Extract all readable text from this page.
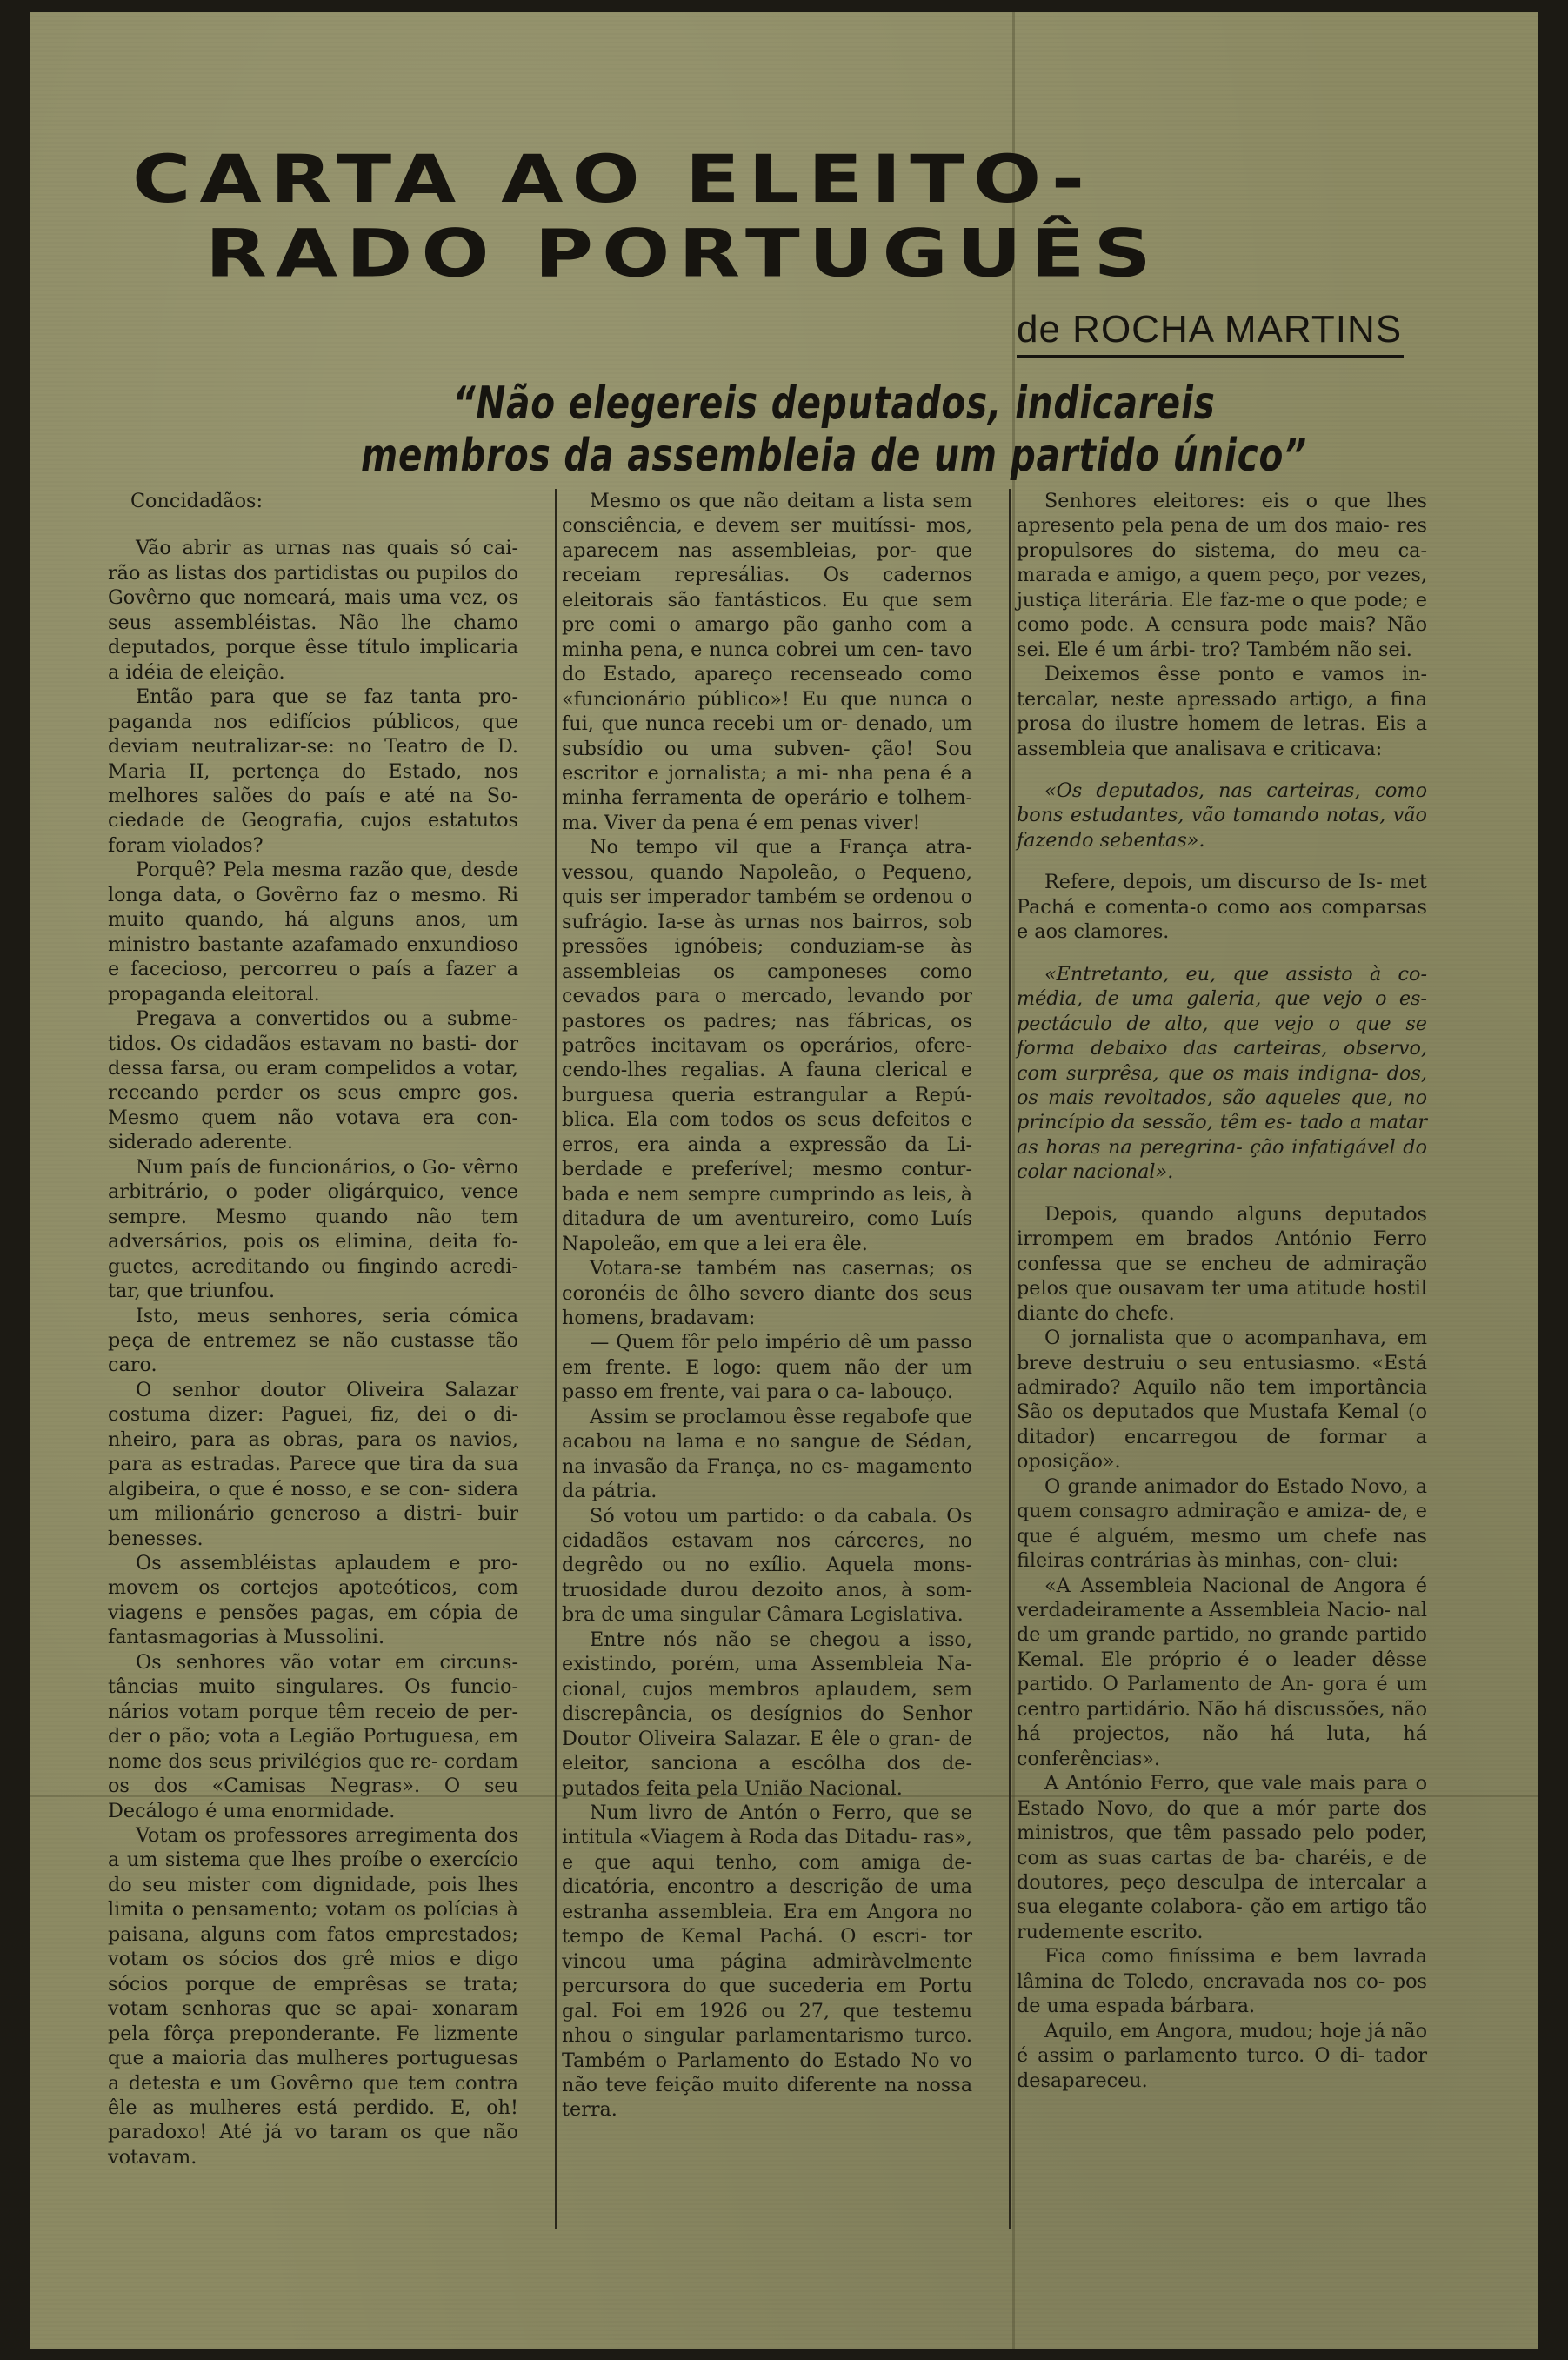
CARTA AO ELEITO-
RADO PORTUGUÊS

de ROCHA MARTINS

“Não elegereis deputados, indicareis membros da assembleia de um partido único”

Concidadãos:

Vão abrir as urnas nas quais só cai- rão as listas dos partidistas ou pupilos do Govêrno que nomeará, mais uma vez, os seus assembléistas. Não lhe chamo deputados, porque êsse título implicaria a idéia de eleição.

Então para que se faz tanta pro- paganda nos edifícios públicos, que deviam neutralizar-se: no Teatro de D. Maria II, pertença do Estado, nos melhores salões do país e até na So- ciedade de Geografia, cujos estatutos foram violados?

Porquê? Pela mesma razão que, desde longa data, o Govêrno faz o mesmo. Ri muito quando, há alguns anos, um ministro bastante azafamado enxundioso e facecioso, percorreu o país a fazer a propaganda eleitoral.

Pregava a convertidos ou a subme- tidos. Os cidadãos estavam no basti- dor dessa farsa, ou eram compelidos a votar, receando perder os seus empre gos. Mesmo quem não votava era con- siderado aderente.

Num país de funcionários, o Go- vêrno arbitrário, o poder oligárquico, vence sempre. Mesmo quando não tem adversários, pois os elimina, deita fo- guetes, acreditando ou fingindo acredi- tar, que triunfou.

Isto, meus senhores, seria cómica peça de entremez se não custasse tão caro.

O senhor doutor Oliveira Salazar costuma dizer: Paguei, fiz, dei o di- nheiro, para as obras, para os navios, para as estradas. Parece que tira da sua algibeira, o que é nosso, e se con- sidera um milionário generoso a distri- buir benesses.

Os assembléistas aplaudem e pro- movem os cortejos apoteóticos, com viagens e pensões pagas, em cópia de fantasmagorias à Mussolini.

Os senhores vão votar em circuns- tâncias muito singulares. Os funcio- nários votam porque têm receio de per- der o pão; vota a Legião Portuguesa, em nome dos seus privilégios que re- cordam os dos «Camisas Negras». O seu Decálogo é uma enormidade.

Votam os professores arregimenta dos a um sistema que lhes proíbe o exercício do seu mister com dignidade, pois lhes limita o pensamento; votam os polícias à paisana, alguns com fatos emprestados; votam os sócios dos grê mios e digo sócios porque de emprêsas se trata; votam senhoras que se apai- xonaram pela fôrça preponderante. Fe lizmente que a maioria das mulheres portuguesas a detesta e um Govêrno que tem contra êle as mulheres está perdido. E, oh! paradoxo! Até já vo taram os que não votavam.

Mesmo os que não deitam a lista sem consciência, e devem ser muitíssi- mos, aparecem nas assembleias, por- que receiam represálias. Os cadernos eleitorais são fantásticos. Eu que sem pre comi o amargo pão ganho com a minha pena, e nunca cobrei um cen- tavo do Estado, apareço recenseado como «funcionário público»! Eu que nunca o fui, que nunca recebi um or- denado, um subsídio ou uma subven- ção! Sou escritor e jornalista; a mi- nha pena é a minha ferramenta de operário e tolhem-ma. Viver da pena é em penas viver!

No tempo vil que a França atra- vessou, quando Napoleão, o Pequeno, quis ser imperador também se ordenou o sufrágio. Ia-se às urnas nos bairros, sob pressões ignóbeis; conduziam-se às assembleias os camponeses como cevados para o mercado, levando por pastores os padres; nas fábricas, os patrões incitavam os operários, ofere- cendo-lhes regalias. A fauna clerical e burguesa queria estrangular a Repú- blica. Ela com todos os seus defeitos e erros, era ainda a expressão da Li- berdade e preferível; mesmo contur- bada e nem sempre cumprindo as leis, à ditadura de um aventureiro, como Luís Napoleão, em que a lei era êle.

Votara-se também nas casernas; os coronéis de ôlho severo diante dos seus homens, bradavam:

— Quem fôr pelo império dê um passo em frente. E logo: quem não der um passo em frente, vai para o ca- labouço.

Assim se proclamou êsse regabofe que acabou na lama e no sangue de Sédan, na invasão da França, no es- magamento da pátria.

Só votou um partido: o da cabala. Os cidadãos estavam nos cárceres, no degrêdo ou no exílio. Aquela mons- truosidade durou dezoito anos, à som- bra de uma singular Câmara Legislativa.

Entre nós não se chegou a isso, existindo, porém, uma Assembleia Na- cional, cujos membros aplaudem, sem discrepância, os desígnios do Senhor Doutor Oliveira Salazar. E êle o gran- de eleitor, sanciona a escôlha dos de- putados feita pela União Nacional.

Num livro de Antón o Ferro, que se intitula «Viagem à Roda das Ditadu- ras», e que aqui tenho, com amiga de- dicatória, encontro a descrição de uma estranha assembleia. Era em Angora no tempo de Kemal Pachá. O escri- tor vincou uma página admiràvelmente percursora do que sucederia em Portu gal. Foi em 1926 ou 27, que testemu nhou o singular parlamentarismo turco. Também o Parlamento do Estado No vo não teve feição muito diferente na nossa terra.

Senhores eleitores: eis o que lhes apresento pela pena de um dos maio- res propulsores do sistema, do meu ca- marada e amigo, a quem peço, por vezes, justiça literária. Ele faz-me o que pode; e como pode. A censura pode mais? Não sei. Ele é um árbi- tro? Também não sei.

Deixemos êsse ponto e vamos in- tercalar, neste apressado artigo, a fina prosa do ilustre homem de letras. Eis a assembleia que analisava e criticava:

«Os deputados, nas carteiras, como bons estudantes, vão tomando notas, vão fazendo sebentas».

Refere, depois, um discurso de Is- met Pachá e comenta-o como aos comparsas e aos clamores.

«Entretanto, eu, que assisto à co- média, de uma galeria, que vejo o es- pectáculo de alto, que vejo o que se forma debaixo das carteiras, observo, com surprêsa, que os mais indigna- dos, os mais revoltados, são aqueles que, no princípio da sessão, têm es- tado a matar as horas na peregrina- ção infatigável do colar nacional».

Depois, quando alguns deputados irrompem em brados António Ferro confessa que se encheu de admiração pelos que ousavam ter uma atitude hostil diante do chefe.

O jornalista que o acompanhava, em breve destruiu o seu entusiasmo. «Está admirado? Aquilo não tem importância São os deputados que Mustafa Kemal (o ditador) encarregou de formar a oposição».

O grande animador do Estado Novo, a quem consagro admiração e amiza- de, e que é alguém, mesmo um chefe nas fileiras contrárias às minhas, con- clui:

«A Assembleia Nacional de Angora é verdadeiramente a Assembleia Nacio- nal de um grande partido, no grande partido Kemal. Ele próprio é o leader dêsse partido. O Parlamento de An- gora é um centro partidário. Não há discussões, não há projectos, não há luta, há conferências».

A António Ferro, que vale mais para o Estado Novo, do que a mór parte dos ministros, que têm passado pelo poder, com as suas cartas de ba- charéis, e de doutores, peço desculpa de intercalar a sua elegante colabora- ção em artigo tão rudemente escrito.

Fica como finíssima e bem lavrada lâmina de Toledo, encravada nos co- pos de uma espada bárbara.

Aquilo, em Angora, mudou; hoje já não é assim o parlamento turco. O di- tador desapareceu.
